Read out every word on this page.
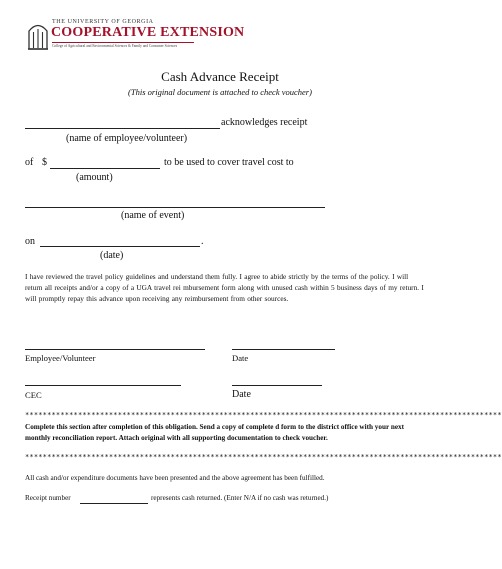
THE UNIVERSITY OF GEORGIA
COOPERATIVE EXTENSION
College of Agricultural and Environmental Sciences & Family and Consumer Sciences
Cash Advance Receipt
(This original document is attached to check voucher)
acknowledges receipt
(name of employee/volunteer)
of $	to be used to cover travel cost to
(amount)
(name of event)
on	.
(date)
I have reviewed the travel policy guidelines and understand them fully. I agree to abide strictly by the terms of the policy. I will return all receipts and/or a copy of a UGA travel rei mbursement form along with unused cash within 5 business days of my return. I will promptly repay this advance upon receiving any reimbursement from other sources.
Employee/Volunteer	Date
CEC	Date
************************************************************************************************************
Complete this section after completion of this obligation. Send a copy of complete d form to the district office with your next monthly reconciliation report. Attach original with all supporting documentation to check voucher.
************************************************************************************************************
All cash and/or expenditure documents have been presented and the above agreement has been fulfilled.
Receipt number	represents cash returned. (Enter N/A if no cash was returned.)
